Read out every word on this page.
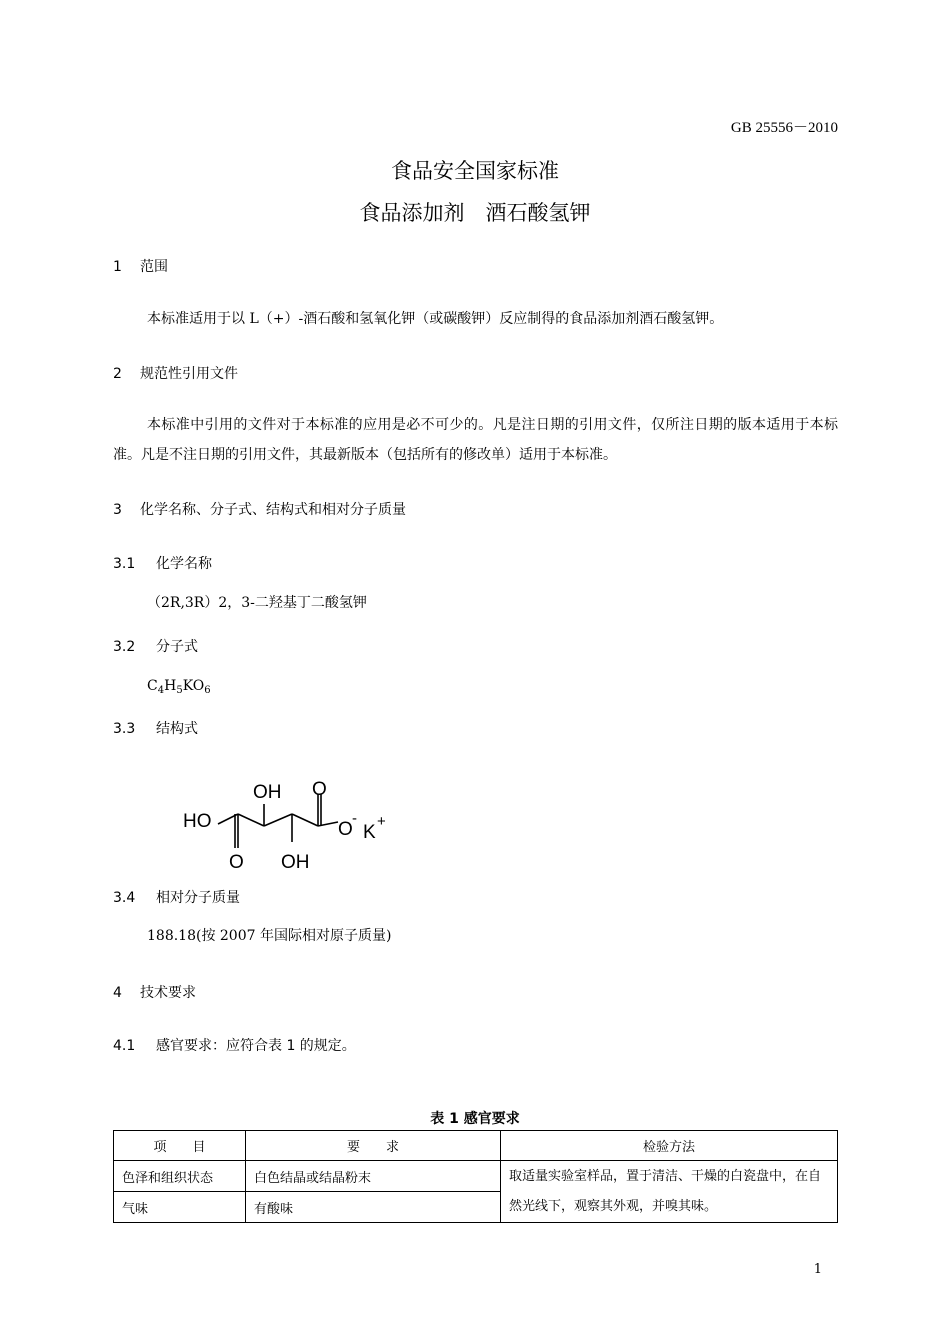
GB 25556－2010
食品安全国家标准
食品添加剂　酒石酸氢钾
1 范围
本标准适用于以 L（+）-酒石酸和氢氧化钾（或碳酸钾）反应制得的食品添加剂酒石酸氢钾。
2 规范性引用文件
本标准中引用的文件对于本标准的应用是必不可少的。凡是注日期的引用文件，仅所注日期的版本适用于本标准。凡是不注日期的引用文件，其最新版本（包括所有的修改单）适用于本标准。
3 化学名称、分子式、结构式和相对分子质量
3.1 化学名称
（2R,3R）2，3-二羟基丁二酸氢钾
3.2 分子式
$C_4H_5KO_6$
3.3 结构式
OH
HO
O OH
O
O
-
K
+
3.4 相对分子质量
188.18(按 2007 年国际相对原子质量)
4 技术要求
4.1 感官要求：应符合表 1 的规定。
表 1 感官要求
项　　目	要　　求	检验方法
色泽和组织状态	白色结晶或结晶粉末	取适量实验室样品，置于清洁、干燥的白瓷盘中，在自然光线下，观察其外观，并嗅其味。
气味	有酸味	
1
